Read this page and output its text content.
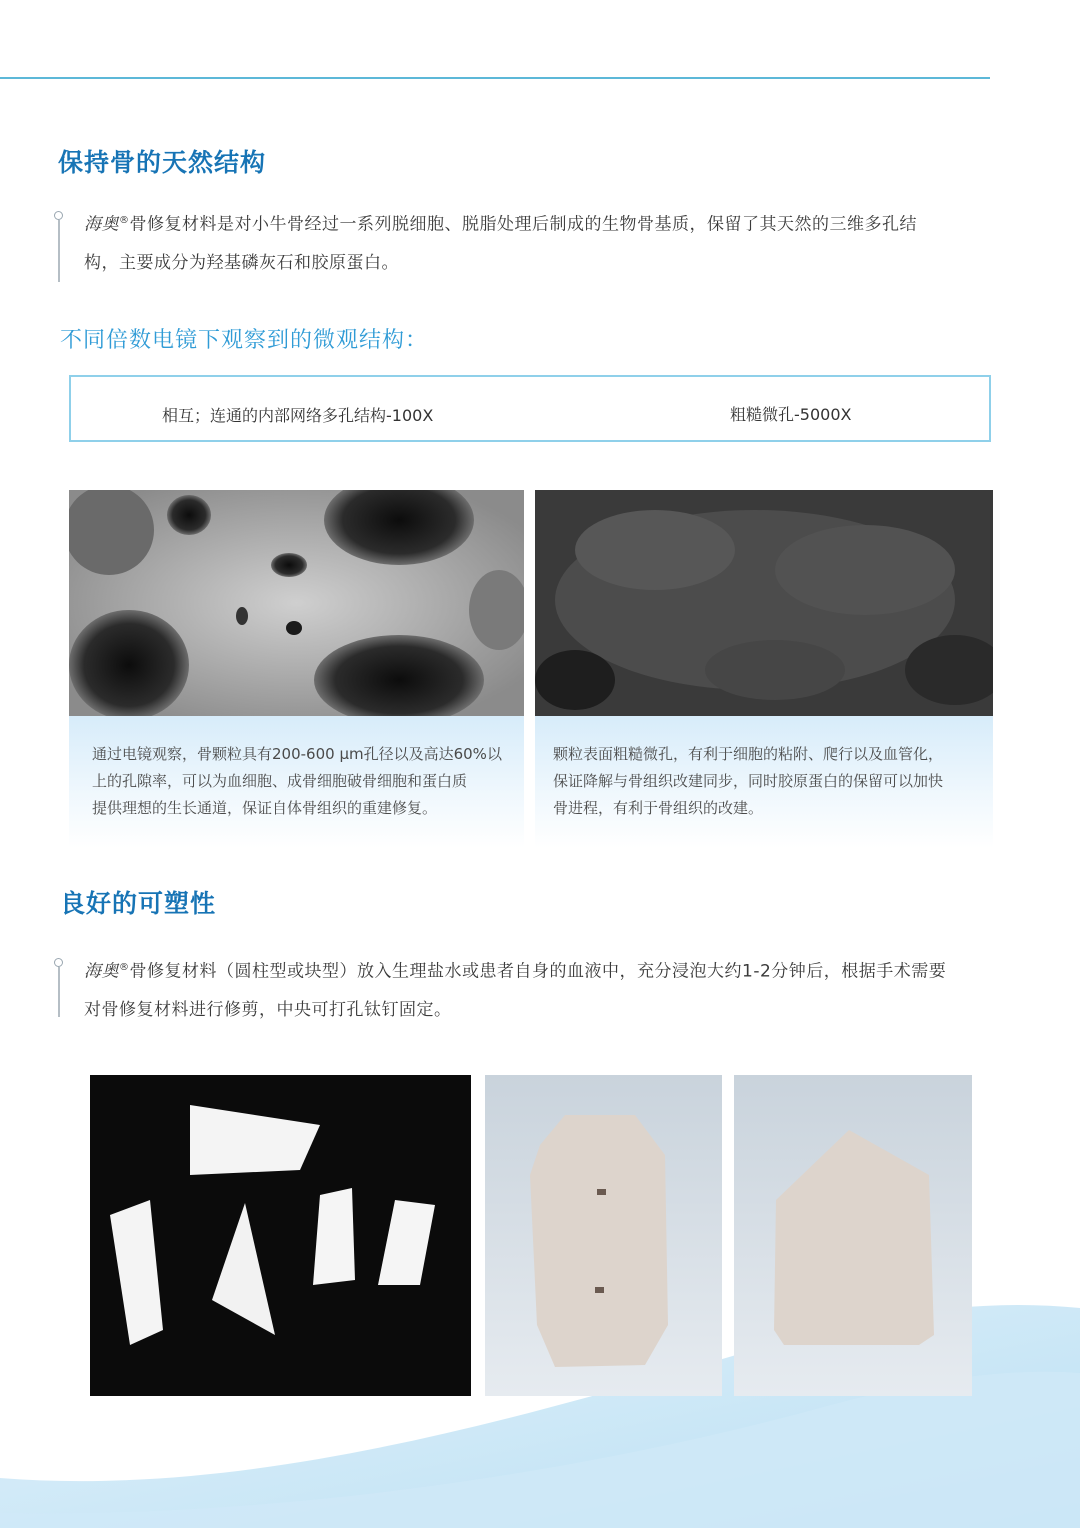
保持骨的天然结构
海奥®骨修复材料是对小牛骨经过一系列脱细胞、脱脂处理后制成的生物骨基质，保留了其天然的三维多孔结
构，主要成分为羟基磷灰石和胶原蛋白。
不同倍数电镜下观察到的微观结构：
相互；连通的内部网络多孔结构-100X	粗糙微孔-5000X
通过电镜观察，骨颗粒具有200-600 μm孔径以及高达60%以
上的孔隙率，可以为血细胞、成骨细胞破骨细胞和蛋白质
提供理想的生长通道，保证自体骨组织的重建修复。
颗粒表面粗糙微孔，有利于细胞的粘附、爬行以及血管化，
保证降解与骨组织改建同步，同时胶原蛋白的保留可以加快
骨进程，有利于骨组织的改建。
良好的可塑性
海奥®骨修复材料（圆柱型或块型）放入生理盐水或患者自身的血液中，充分浸泡大约1-2分钟后，根据手术需要
对骨修复材料进行修剪，中央可打孔钛钉固定。
